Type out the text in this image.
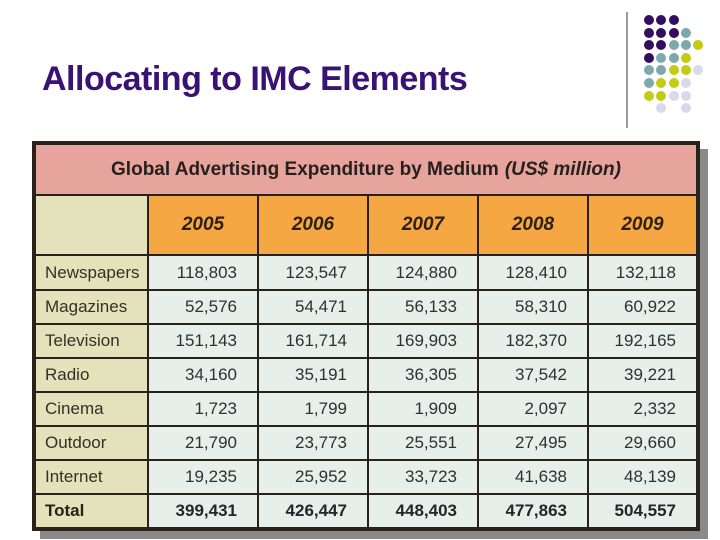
Allocating to IMC Elements
Global Advertising Expenditure by Medium (US$ million)					
	2005	2006	2007	2008	2009
Newspapers	118,803	123,547	124,880	128,410	132,118
Magazines	52,576	54,471	56,133	58,310	60,922
Television	151,143	161,714	169,903	182,370	192,165
Radio	34,160	35,191	36,305	37,542	39,221
Cinema	1,723	1,799	1,909	2,097	2,332
Outdoor	21,790	23,773	25,551	27,495	29,660
Internet	19,235	25,952	33,723	41,638	48,139
Total	399,431	426,447	448,403	477,863	504,557
